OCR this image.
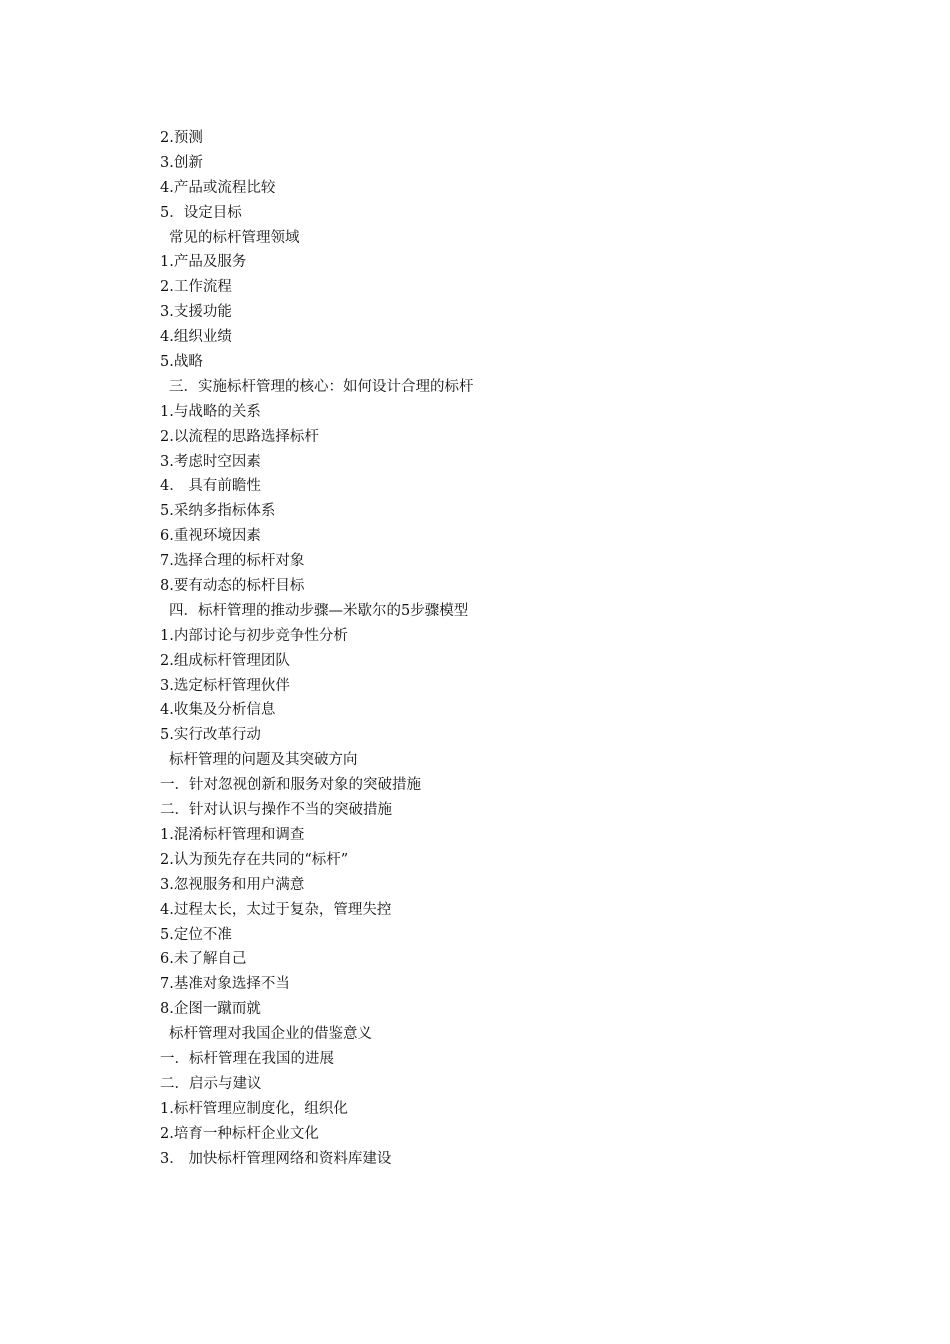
2.预测
3.创新
4.产品或流程比较
5．设定目标
常见的标杆管理领域
1.产品及服务
2.工作流程
3.支援功能
4.组织业绩
5.战略
三．实施标杆管理的核心：如何设计合理的标杆
1.与战略的关系
2.以流程的思路选择标杆
3.考虑时空因素
4． 具有前瞻性
5.采纳多指标体系
6.重视环境因素
7.选择合理的标杆对象
8.要有动态的标杆目标
四．标杆管理的推动步骤—米歇尔的5步骤模型
1.内部讨论与初步竞争性分析
2.组成标杆管理团队
3.选定标杆管理伙伴
4.收集及分析信息
5.实行改革行动
标杆管理的问题及其突破方向
一．针对忽视创新和服务对象的突破措施
二．针对认识与操作不当的突破措施
1.混淆标杆管理和调查
2.认为预先存在共同的“标杆”
3.忽视服务和用户满意
4.过程太长，太过于复杂，管理失控
5.定位不准
6.未了解自己
7.基准对象选择不当
8.企图一蹴而就
标杆管理对我国企业的借鉴意义
一．标杆管理在我国的进展
二．启示与建议
1.标杆管理应制度化，组织化
2.培育一种标杆企业文化
3． 加快标杆管理网络和资料库建设
